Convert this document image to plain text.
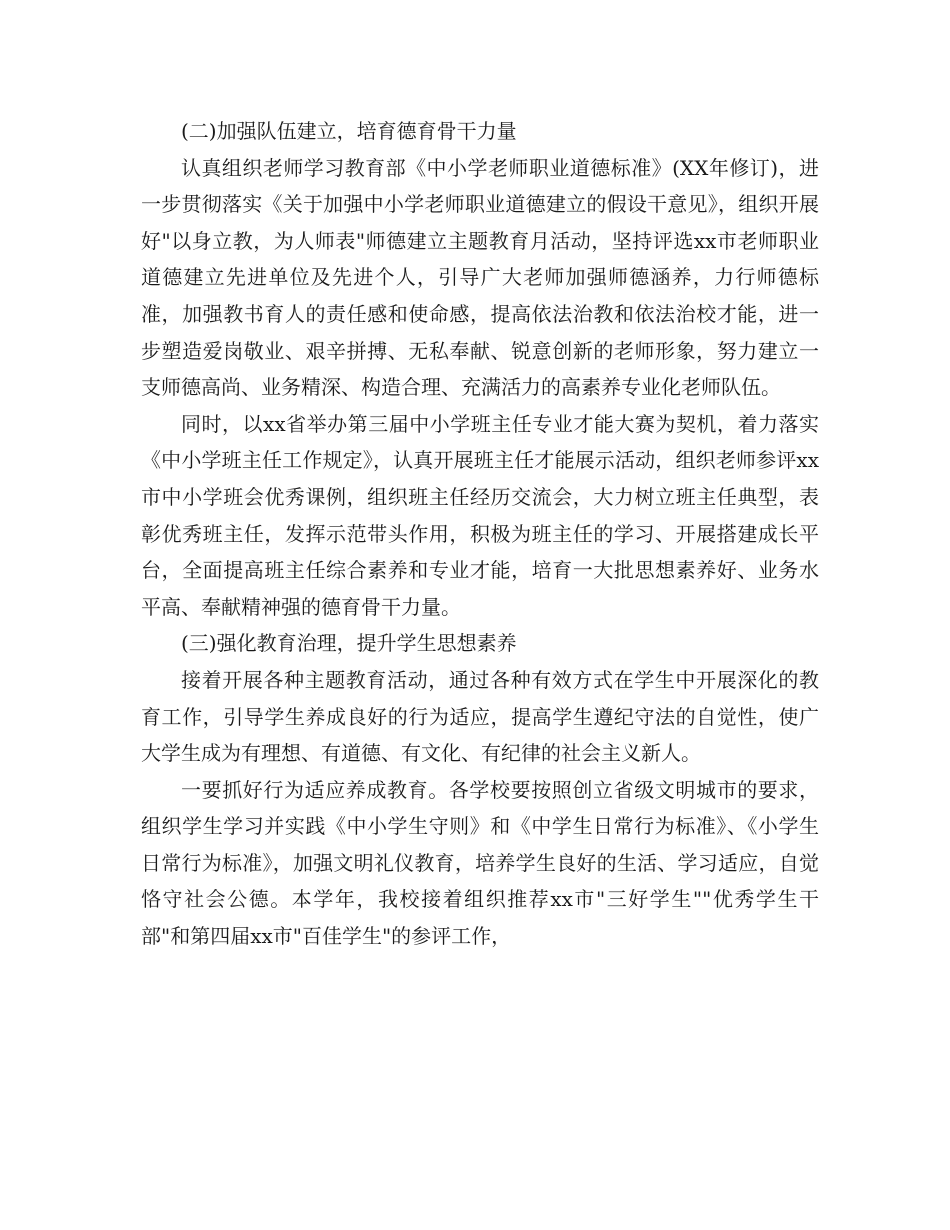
(二)加强队伍建立，培育德育骨干力量

认真组织老师学习教育部《中小学老师职业道德标准》(XX年修订)，进一步贯彻落实《关于加强中小学老师职业道德建立的假设干意见》，组织开展好"以身立教，为人师表"师德建立主题教育月活动，坚持评选xx市老师职业道德建立先进单位及先进个人，引导广大老师加强师德涵养，力行师德标准，加强教书育人的责任感和使命感，提高依法治教和依法治校才能，进一步塑造爱岗敬业、艰辛拼搏、无私奉献、锐意创新的老师形象，努力建立一支师德高尚、业务精深、构造合理、充满活力的高素养专业化老师队伍。

同时，以xx省举办第三届中小学班主任专业才能大赛为契机，着力落实《中小学班主任工作规定》，认真开展班主任才能展示活动，组织老师参评xx市中小学班会优秀课例，组织班主任经历交流会，大力树立班主任典型，表彰优秀班主任，发挥示范带头作用，积极为班主任的学习、开展搭建成长平台，全面提高班主任综合素养和专业才能，培育一大批思想素养好、业务水平高、奉献精神强的德育骨干力量。

(三)强化教育治理，提升学生思想素养

接着开展各种主题教育活动，通过各种有效方式在学生中开展深化的教育工作，引导学生养成良好的行为适应，提高学生遵纪守法的自觉性，使广大学生成为有理想、有道德、有文化、有纪律的社会主义新人。

一要抓好行为适应养成教育。各学校要按照创立省级文明城市的要求，组织学生学习并实践《中小学生守则》和《中学生日常行为标准》、《小学生日常行为标准》，加强文明礼仪教育，培养学生良好的生活、学习适应，自觉恪守社会公德。本学年，我校接着组织推荐xx市"三好学生""优秀学生干部"和第四届xx市"百佳学生"的参评工作，
